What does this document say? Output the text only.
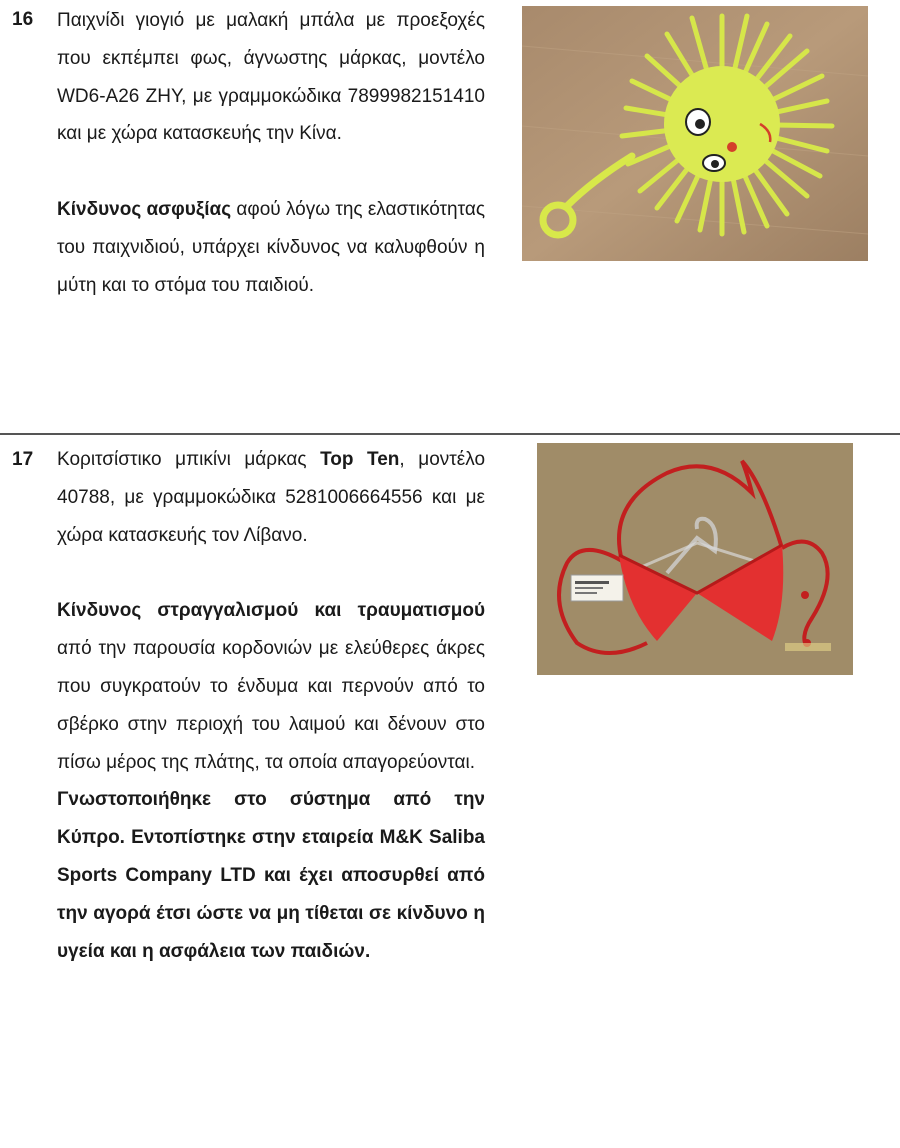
16 Παιχνίδι γιογιό με μαλακή μπάλα με προεξοχές που εκπέμπει φως, άγνωστης μάρκας, μοντέλο WD6-A26 ZHY, με γραμμοκώδικα 7899982151410 και με χώρα κατασκευής την Κίνα.

Κίνδυνος ασφυξίας αφού λόγω της ελαστικότητας του παιχνιδιού, υπάρχει κίνδυνος να καλυφθούν η μύτη και το στόμα του παιδιού.

17 Κοριτσίστικο μπικίνι μάρκας Top Ten, μοντέλο 40788, με γραμμοκώδικα 5281006664556 και με χώρα κατασκευής τον Λίβανο.

Κίνδυνος στραγγαλισμού και τραυματισμού από την παρουσία κορδονιών με ελεύθερες άκρες που συγκρατούν το ένδυμα και περνούν από το σβέρκο στην περιοχή του λαιμού και δένουν στο πίσω μέρος της πλάτης, τα οποία απαγορεύονται.

Γνωστοποιήθηκε στο σύστημα από την Κύπρο. Εντοπίστηκε στην εταιρεία M&K Saliba Sports Company LTD και έχει αποσυρθεί από την αγορά έτσι ώστε να μη τίθεται σε κίνδυνο η υγεία και η ασφάλεια των παιδιών.
